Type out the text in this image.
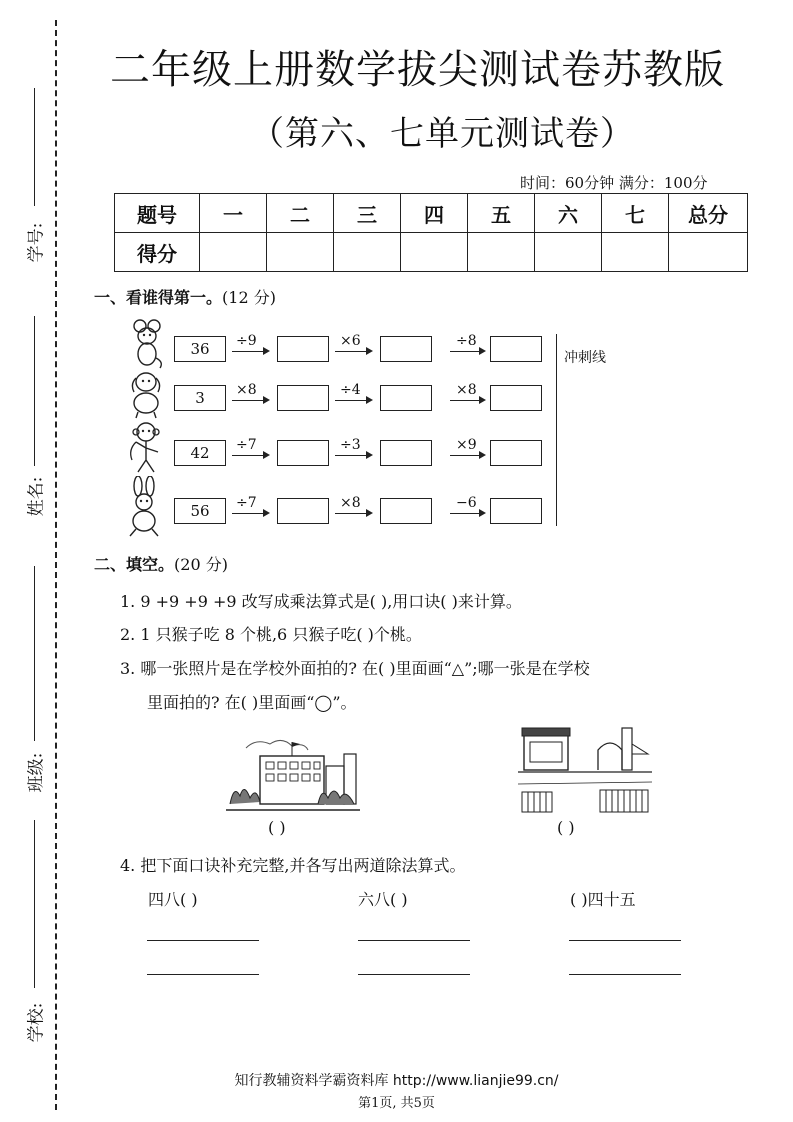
学号:
姓名:
班级:
学校:
二年级上册数学拔尖测试卷苏教版
（第六、七单元测试卷）
时间：60分钟 满分：100分
题号	一	二	三	四	五	六	七	总分
得分								
一、看谁得第一。(12 分)
36	÷9	×6	÷8
3	×8	÷4	×8
42	÷7	÷3	×9
56	÷7	×8	−6
冲刺线
二、填空。(20 分)
1. 9 +9 +9 +9 改写成乘法算式是( ),用口诀( )来计算。
2. 1 只猴子吃 8 个桃,6 只猴子吃( )个桃。
3. 哪一张照片是在学校外面拍的? 在( )里面画“△”;哪一张是在学校
里面拍的? 在( )里面画“◯”。
( )	( )
4. 把下面口诀补充完整,并各写出两道除法算式。
四八( )	六八( )	( )四十五
知行教辅资料学霸资料库 http://www.lianjie99.cn/
第1页, 共5页
